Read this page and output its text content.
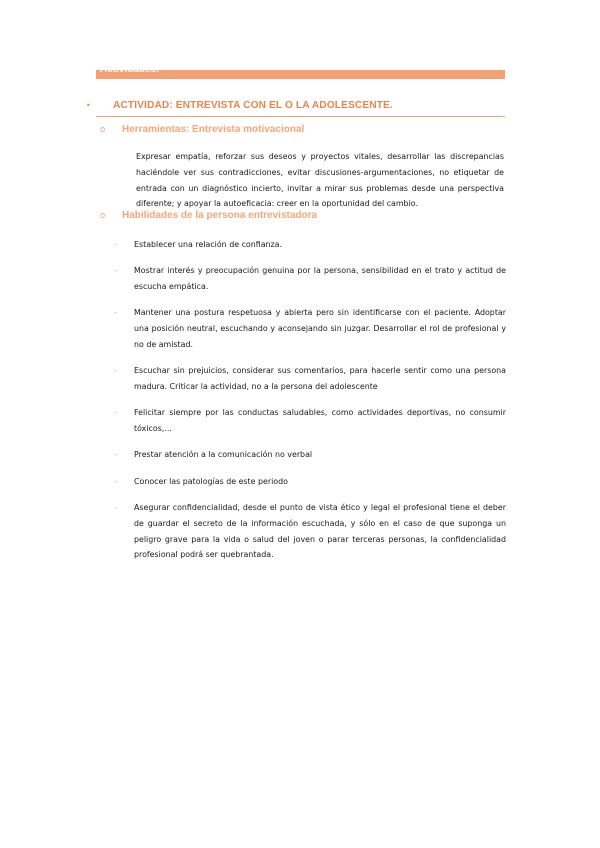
Actividades:
• ACTIVIDAD: ENTREVISTA CON EL O LA ADOLESCENTE.
o Herramientas: Entrevista motivacional

Expresar empatía, reforzar sus deseos y proyectos vitales, desarrollar las discrepancias haciéndole ver sus contradicciones, evitar discusiones-argumentaciones, no etiquetar de entrada con un diagnóstico incierto, invitar a mirar sus problemas desde una perspectiva diferente; y apoyar la autoeficacia: creer en la oportunidad del cambio.

o Habilidades de la persona entrevistadora
- Establecer una relación de confianza.
- Mostrar interés y preocupación genuina por la persona, sensibilidad en el trato y actitud de escucha empática.
- Mantener una postura respetuosa y abierta pero sin identificarse con el paciente. Adoptar una posición neutral, escuchando y aconsejando sin juzgar. Desarrollar el rol de profesional y no de amistad.
- Escuchar sin prejuicios, considerar sus comentarios, para hacerle sentir como una persona madura. Criticar la actividad, no a la persona del adolescente
- Felicitar siempre por las conductas saludables, como actividades deportivas, no consumir tóxicos,...
- Prestar atención a la comunicación no verbal
- Conocer las patologías de este periodo
- Asegurar confidencialidad, desde el punto de vista ético y legal el profesional tiene el deber de guardar el secreto de la información escuchada, y sólo en el caso de que suponga un peligro grave para la vida o salud del joven o parar terceras personas, la confidencialidad profesional podrá ser quebrantada.
